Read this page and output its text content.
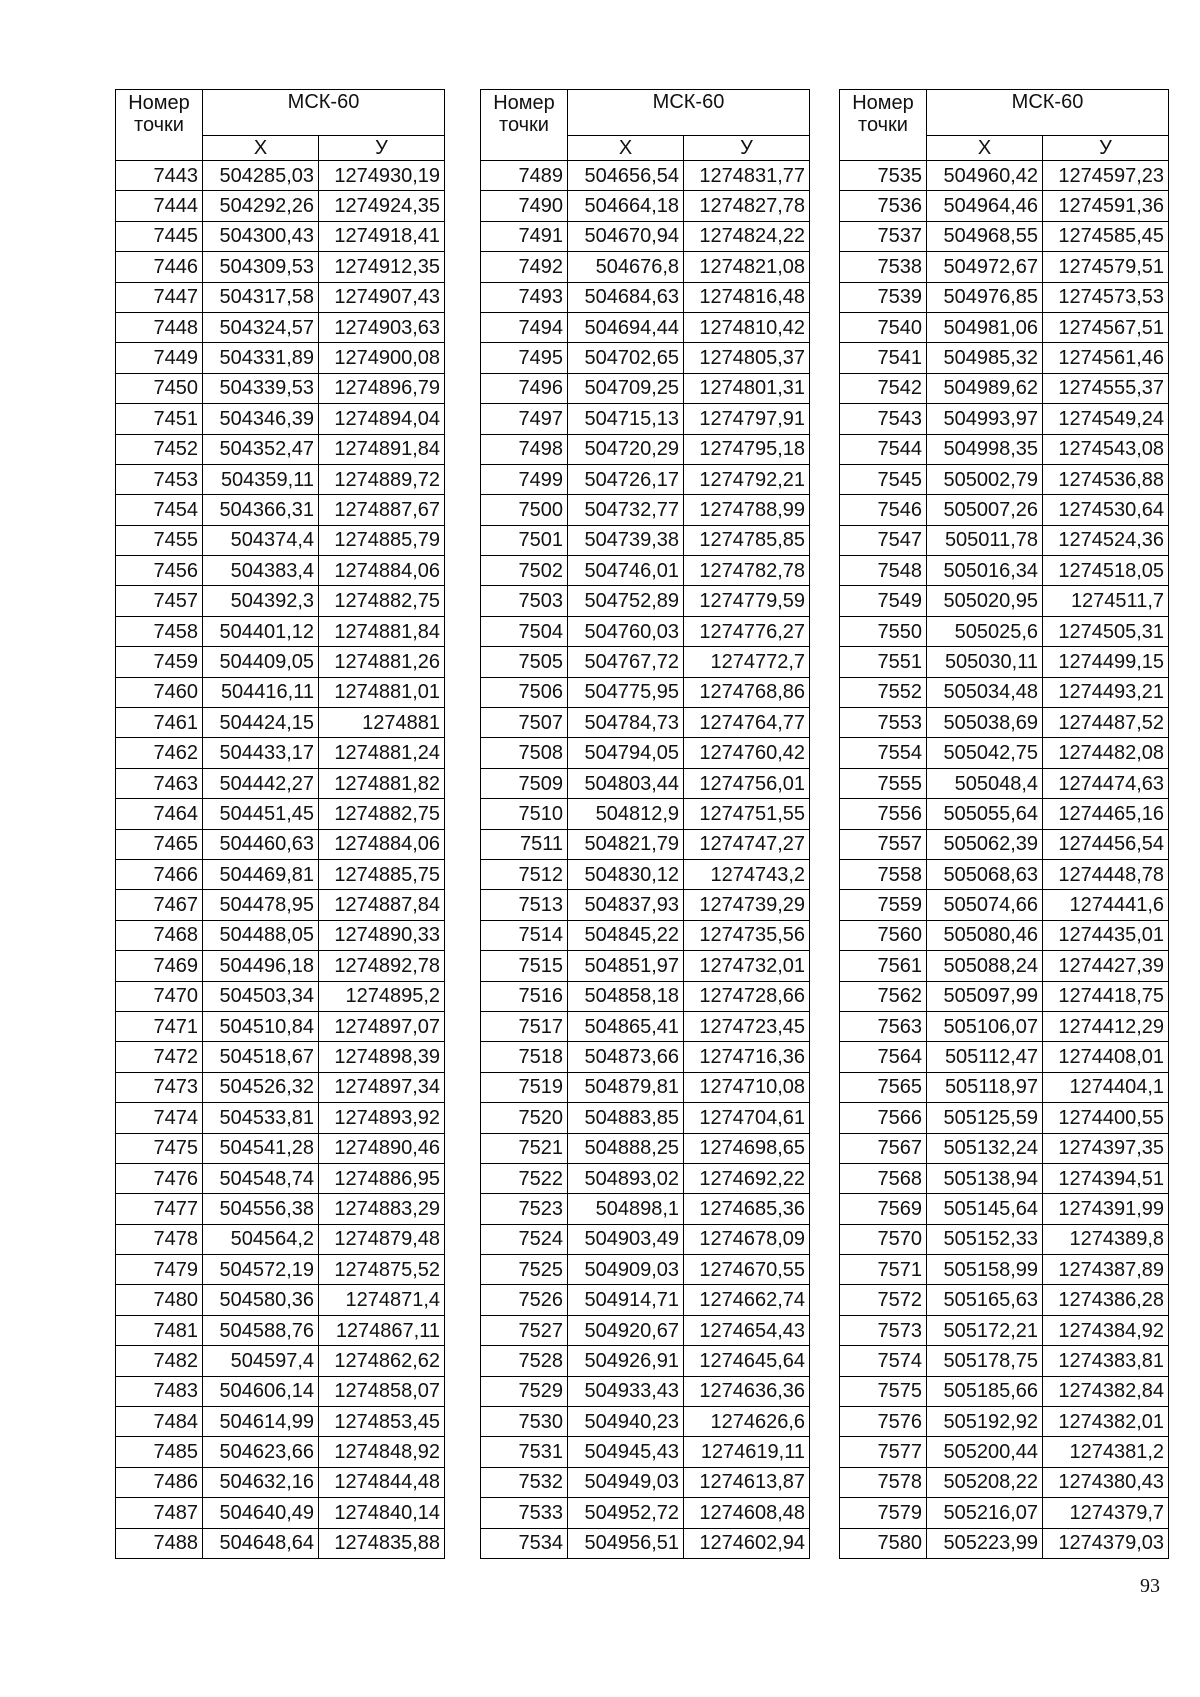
Номер
точки	МСК-60	
	Х	У
7443	504285,03	1274930,19
7444	504292,26	1274924,35
7445	504300,43	1274918,41
7446	504309,53	1274912,35
7447	504317,58	1274907,43
7448	504324,57	1274903,63
7449	504331,89	1274900,08
7450	504339,53	1274896,79
7451	504346,39	1274894,04
7452	504352,47	1274891,84
7453	504359,11	1274889,72
7454	504366,31	1274887,67
7455	504374,4	1274885,79
7456	504383,4	1274884,06
7457	504392,3	1274882,75
7458	504401,12	1274881,84
7459	504409,05	1274881,26
7460	504416,11	1274881,01
7461	504424,15	1274881
7462	504433,17	1274881,24
7463	504442,27	1274881,82
7464	504451,45	1274882,75
7465	504460,63	1274884,06
7466	504469,81	1274885,75
7467	504478,95	1274887,84
7468	504488,05	1274890,33
7469	504496,18	1274892,78
7470	504503,34	1274895,2
7471	504510,84	1274897,07
7472	504518,67	1274898,39
7473	504526,32	1274897,34
7474	504533,81	1274893,92
7475	504541,28	1274890,46
7476	504548,74	1274886,95
7477	504556,38	1274883,29
7478	504564,2	1274879,48
7479	504572,19	1274875,52
7480	504580,36	1274871,4
7481	504588,76	1274867,11
7482	504597,4	1274862,62
7483	504606,14	1274858,07
7484	504614,99	1274853,45
7485	504623,66	1274848,92
7486	504632,16	1274844,48
7487	504640,49	1274840,14
7488	504648,64	1274835,88
Номер
точки	МСК-60	
	Х	У
7489	504656,54	1274831,77
7490	504664,18	1274827,78
7491	504670,94	1274824,22
7492	504676,8	1274821,08
7493	504684,63	1274816,48
7494	504694,44	1274810,42
7495	504702,65	1274805,37
7496	504709,25	1274801,31
7497	504715,13	1274797,91
7498	504720,29	1274795,18
7499	504726,17	1274792,21
7500	504732,77	1274788,99
7501	504739,38	1274785,85
7502	504746,01	1274782,78
7503	504752,89	1274779,59
7504	504760,03	1274776,27
7505	504767,72	1274772,7
7506	504775,95	1274768,86
7507	504784,73	1274764,77
7508	504794,05	1274760,42
7509	504803,44	1274756,01
7510	504812,9	1274751,55
7511	504821,79	1274747,27
7512	504830,12	1274743,2
7513	504837,93	1274739,29
7514	504845,22	1274735,56
7515	504851,97	1274732,01
7516	504858,18	1274728,66
7517	504865,41	1274723,45
7518	504873,66	1274716,36
7519	504879,81	1274710,08
7520	504883,85	1274704,61
7521	504888,25	1274698,65
7522	504893,02	1274692,22
7523	504898,1	1274685,36
7524	504903,49	1274678,09
7525	504909,03	1274670,55
7526	504914,71	1274662,74
7527	504920,67	1274654,43
7528	504926,91	1274645,64
7529	504933,43	1274636,36
7530	504940,23	1274626,6
7531	504945,43	1274619,11
7532	504949,03	1274613,87
7533	504952,72	1274608,48
7534	504956,51	1274602,94
Номер
точки	МСК-60	
	Х	У
7535	504960,42	1274597,23
7536	504964,46	1274591,36
7537	504968,55	1274585,45
7538	504972,67	1274579,51
7539	504976,85	1274573,53
7540	504981,06	1274567,51
7541	504985,32	1274561,46
7542	504989,62	1274555,37
7543	504993,97	1274549,24
7544	504998,35	1274543,08
7545	505002,79	1274536,88
7546	505007,26	1274530,64
7547	505011,78	1274524,36
7548	505016,34	1274518,05
7549	505020,95	1274511,7
7550	505025,6	1274505,31
7551	505030,11	1274499,15
7552	505034,48	1274493,21
7553	505038,69	1274487,52
7554	505042,75	1274482,08
7555	505048,4	1274474,63
7556	505055,64	1274465,16
7557	505062,39	1274456,54
7558	505068,63	1274448,78
7559	505074,66	1274441,6
7560	505080,46	1274435,01
7561	505088,24	1274427,39
7562	505097,99	1274418,75
7563	505106,07	1274412,29
7564	505112,47	1274408,01
7565	505118,97	1274404,1
7566	505125,59	1274400,55
7567	505132,24	1274397,35
7568	505138,94	1274394,51
7569	505145,64	1274391,99
7570	505152,33	1274389,8
7571	505158,99	1274387,89
7572	505165,63	1274386,28
7573	505172,21	1274384,92
7574	505178,75	1274383,81
7575	505185,66	1274382,84
7576	505192,92	1274382,01
7577	505200,44	1274381,2
7578	505208,22	1274380,43
7579	505216,07	1274379,7
7580	505223,99	1274379,03
93
